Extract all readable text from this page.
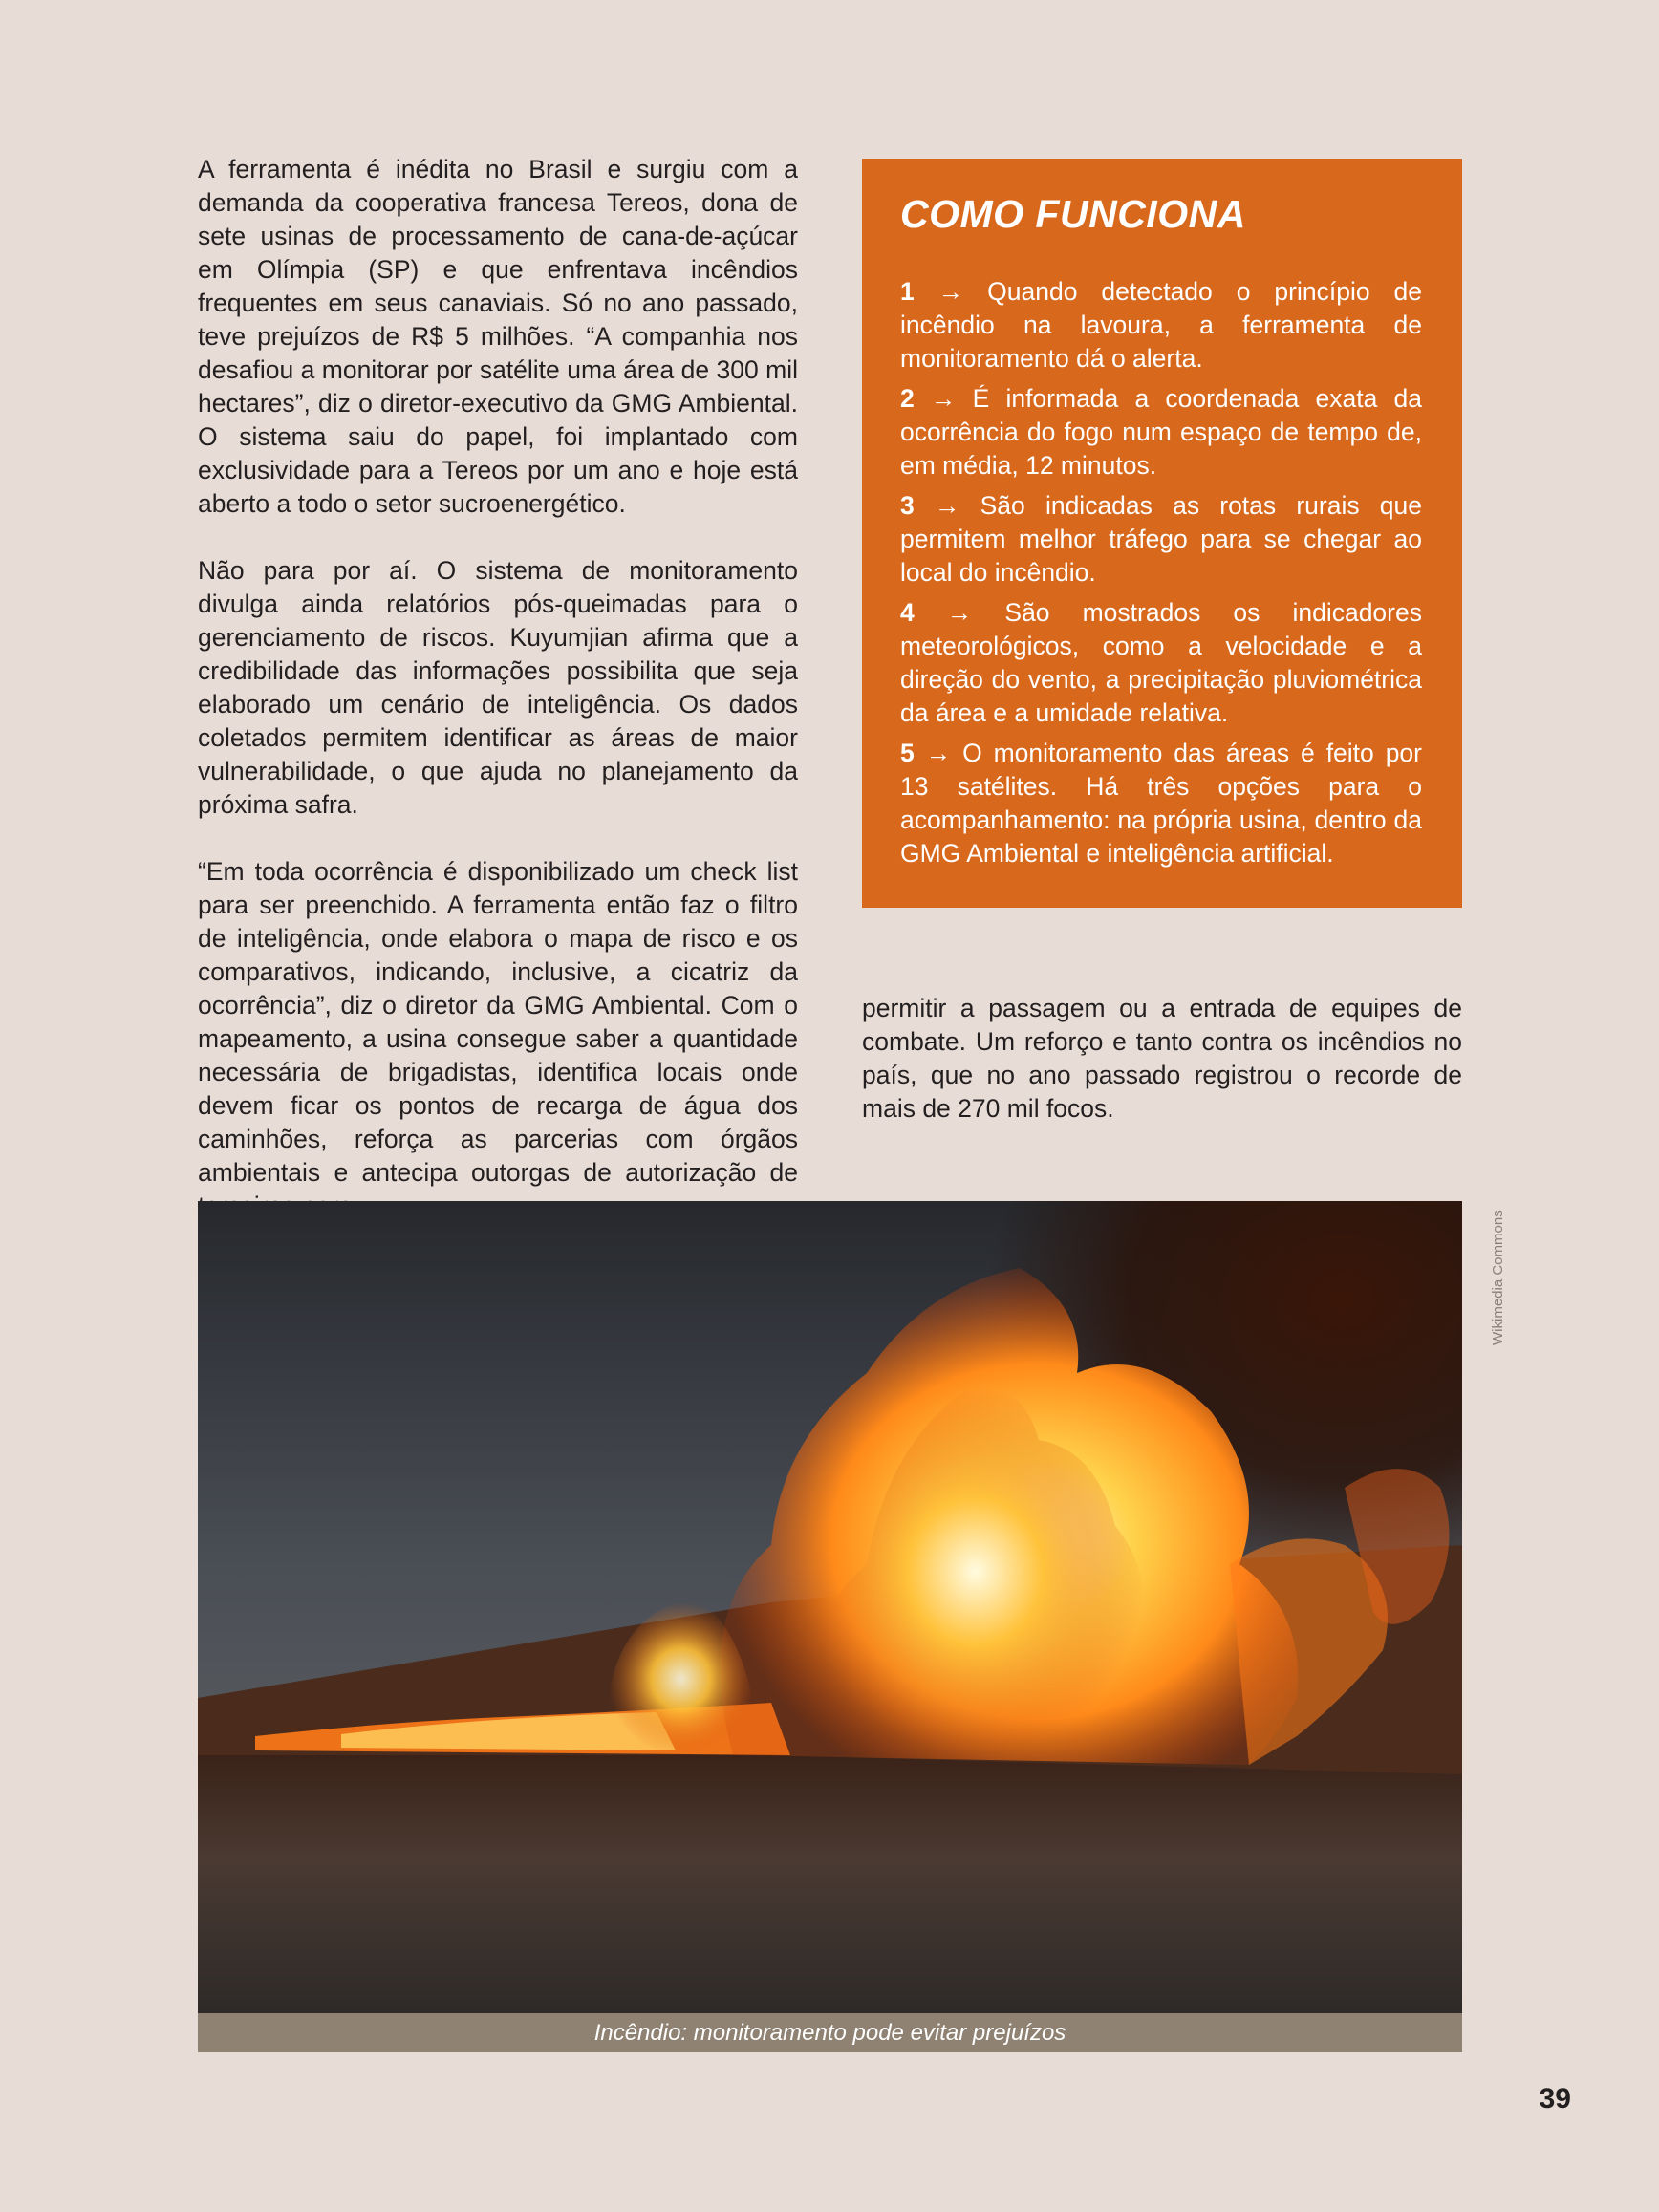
A ferramenta é inédita no Brasil e surgiu com a demanda da cooperativa francesa Tereos, dona de sete usinas de processamento de cana-de-açúcar em Olímpia (SP) e que enfrentava incêndios frequentes em seus canaviais. Só no ano passado, teve prejuízos de R$ 5 milhões. “A companhia nos desafiou a monitorar por satélite uma área de 300 mil hectares”, diz o diretor-executivo da GMG Ambiental. O sistema saiu do papel, foi implantado com exclusividade para a Tereos por um ano e hoje está aberto a todo o setor sucroenergético.

Não para por aí. O sistema de monitoramento divulga ainda relatórios pós-queimadas para o gerenciamento de riscos. Kuyumjian afirma que a credibilidade das informações possibilita que seja elaborado um cenário de inteligência. Os dados coletados permitem identificar as áreas de maior vulnerabilidade, o que ajuda no planejamento da próxima safra.

“Em toda ocorrência é disponibilizado um check list para ser preenchido. A ferramenta então faz o filtro de inteligência, onde elabora o mapa de risco e os comparativos, indicando, inclusive, a cicatriz da ocorrência”, diz o diretor da GMG Ambiental. Com o mapeamento, a usina consegue saber a quantidade necessária de brigadistas, identifica locais onde devem ficar os pontos de recarga de água dos caminhões, reforça as parcerias com órgãos ambientais e antecipa outorgas de autorização de

COMO FUNCIONA

1 → Quando detectado o princípio de incêndio na lavoura, a ferramenta de monitoramento dá o alerta.

2 → É informada a coordenada exata da ocorrência do fogo num espaço de tempo de, em média, 12 minutos.

3 → São indicadas as rotas rurais que permitem melhor tráfego para se chegar ao local do incêndio.

4 → São mostrados os indicadores meteorológicos, como a velocidade e a direção do vento, a precipitação pluviométrica da área e a umidade relativa.

5 → O monitoramento das áreas é feito por 13 satélites. Há três opções para o acompanhamento: na própria usina, dentro da GMG Ambiental e inteligência artificial.

permitir a passagem ou a entrada de equipes de combate. Um reforço e tanto contra os incêndios no país, que no ano passado registrou o recorde de mais de 270 mil focos.
Incêndio: monitoramento pode evitar prejuízos
Wikimedia Commons
39
